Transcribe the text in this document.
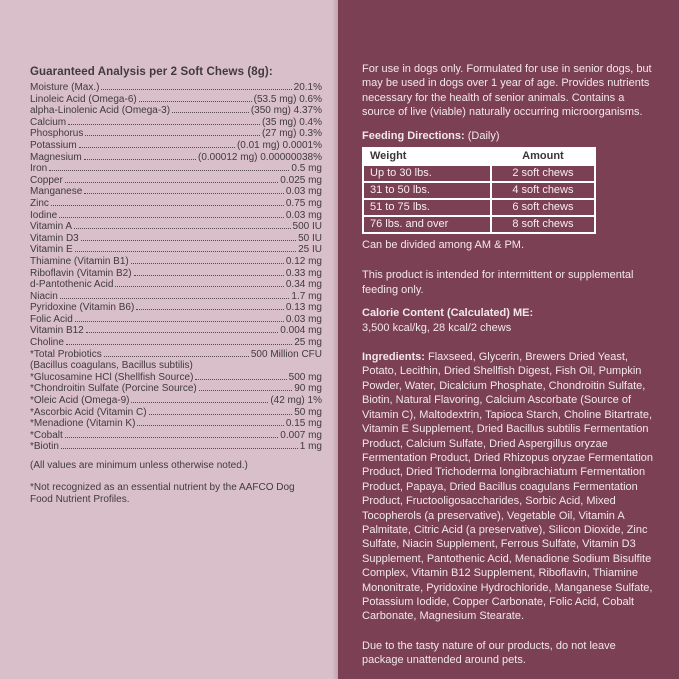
Guaranteed Analysis per 2 Soft Chews (8g):

Moisture (Max.)	20.1%
Linoleic Acid (Omega-6)	(53.5 mg) 0.6%
alpha-Linolenic Acid (Omega-3)	(350 mg) 4.37%
Calcium	(35 mg) 0.4%
Phosphorus	(27 mg) 0.3%
Potassium	(0.01 mg) 0.0001%
Magnesium	(0.00012 mg) 0.00000038%
Iron	0.5 mg
Copper	0.025 mg
Manganese	0.03 mg
Zinc	0.75 mg
Iodine	0.03 mg
Vitamin A	500 IU
Vitamin D3	50 IU
Vitamin E	25 IU
Thiamine (Vitamin B1)	0.12 mg
Riboflavin (Vitamin B2)	0.33 mg
d-Pantothenic Acid	0.34 mg
Niacin	1.7 mg
Pyridoxine (Vitamin B6)	0.13 mg
Folic Acid	0.03 mg
Vitamin B12	0.004 mg
Choline	25 mg
*Total Probiotics	500 Million CFU
(Bacillus coagulans, Bacillus subtilis)
*Glucosamine HCl (Shellfish Source)	500 mg
*Chondroitin Sulfate (Porcine Source)	90 mg
*Oleic Acid (Omega-9)	(42 mg) 1%
*Ascorbic Acid (Vitamin C)	50 mg
*Menadione (Vitamin K)	0.15 mg
*Cobalt	0.007 mg
*Biotin	1 mg

(All values are minimum unless otherwise noted.)

*Not recognized as an essential nutrient by the AAFCO Dog Food Nutrient Profiles.

For use in dogs only. Formulated for use in senior dogs, but may be used in dogs over 1 year of age. Provides nutrients necessary for the health of senior animals. Contains a source of live (viable) naturally occurring microorganisms.

Feeding Directions: (Daily)

Weight	Amount
Up to 30 lbs.	2 soft chews
31 to 50 lbs.	4 soft chews
51 to 75 lbs.	6 soft chews
76 lbs. and over	8 soft chews

Can be divided among AM & PM.

This product is intended for intermittent or supplemental feeding only.

Calorie Content (Calculated) ME:

3,500 kcal/kg, 28 kcal/2 chews

Ingredients: Flaxseed, Glycerin, Brewers Dried Yeast, Potato, Lecithin, Dried Shellfish Digest, Fish Oil, Pumpkin Powder, Water, Dicalcium Phosphate, Chondroitin Sulfate, Biotin, Natural Flavoring, Calcium Ascorbate (Source of Vitamin C), Maltodextrin, Tapioca Starch, Choline Bitartrate, Vitamin E Supplement, Dried Bacillus subtilis Fermentation Product, Calcium Sulfate, Dried Aspergillus oryzae Fermentation Product, Dried Rhizopus oryzae Fermentation Product, Dried Trichoderma longibrachiatum Fermentation Product, Papaya, Dried Bacillus coagulans Fermentation Product, Fructooligosaccharides, Sorbic Acid, Mixed Tocopherols (a preservative), Vegetable Oil, Vitamin A Palmitate, Citric Acid (a preservative), Silicon Dioxide, Zinc Sulfate, Niacin Supplement, Ferrous Sulfate, Vitamin D3 Supplement, Pantothenic Acid, Menadione Sodium Bisulfite Complex, Vitamin B12 Supplement, Riboflavin, Thiamine Mononitrate, Pyridoxine Hydrochloride, Manganese Sulfate, Potassium Iodide, Copper Carbonate, Folic Acid, Cobalt Carbonate, Magnesium Stearate.

Due to the tasty nature of our products, do not leave package unattended around pets.
